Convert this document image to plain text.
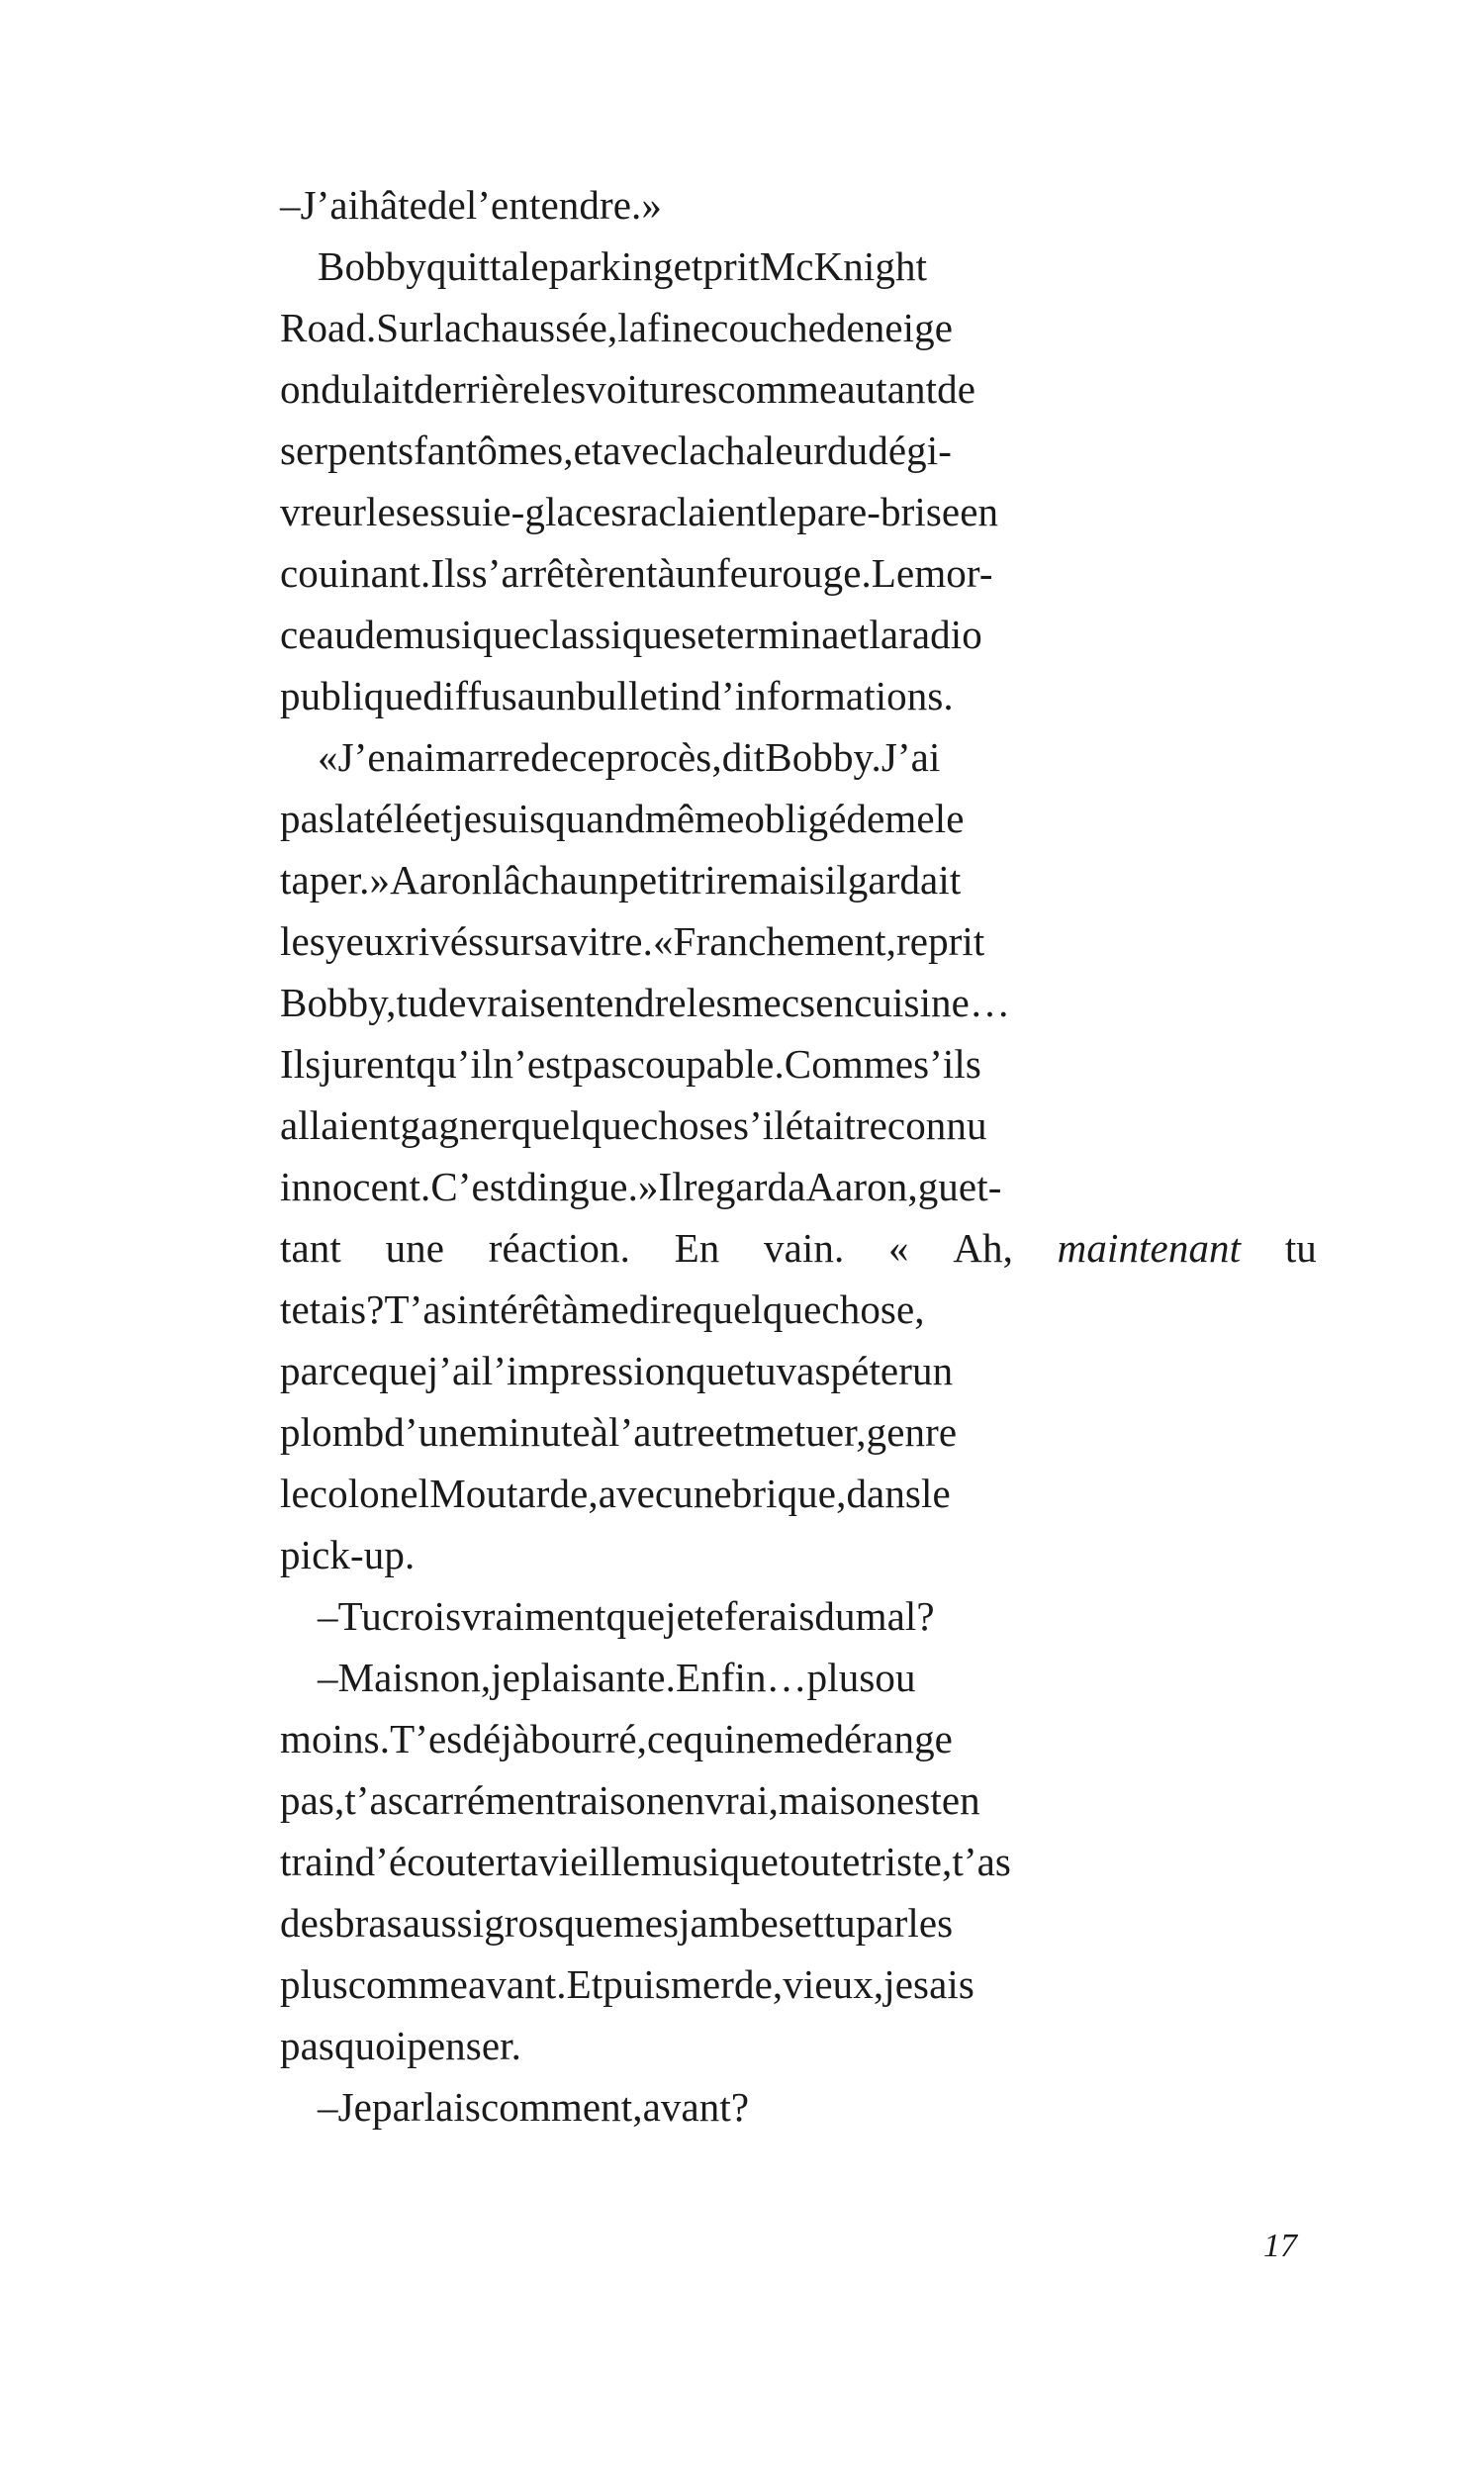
–J’aihâtedel’entendre.»
BobbyquittaleparkingetpritMcKnight
Road.Surlachaussée,lafinecouchedeneige
ondulaitderrièrelesvoiturescommeautantde
serpentsfantômes,etaveclachaleurdudégi-
vreurlesessuie-glacesraclaientlepare-briseen
couinant.Ilss’arrêtèrentàunfeurouge.Lemor-
ceaudemusiqueclassiqueseterminaetlaradio
publiquediffusaunbulletind’informations.
«J’enaimarredeceprocès,ditBobby.J’ai
paslatéléetjesuisquandmêmeobligédemele
taper.»Aaronlâchaunpetitriremaisilgardait
lesyeuxrivéssursavitre.«Franchement,reprit
Bobby,tudevraisentendrelesmecsencuisine…
Ilsjurentqu’iln’estpascoupable.Commes’ils
allaientgagnerquelquechoses’ilétaitreconnu
innocent.C’estdingue.»IlregardaAaron,guet-
tant une réaction. En vain. « Ah, maintenant tu
tetais?T’asintérêtàmedirequelquechose,
parcequej’ail’impressionquetuvaspéterun
plombd’uneminuteàl’autreetmetuer,genre
lecolonelMoutarde,avecunebrique,dansle
pick-up.
–Tucroisvraimentquejeteferaisdumal?
–Maisnon,jeplaisante.Enfin…plusou
moins.T’esdéjàbourré,cequinemedérange
pas,t’ascarrémentraisonenvrai,maisonesten
traind’écoutertavieillemusiquetoutetriste,t’as
desbrasaussigrosquemesjambesettuparles
pluscommeavant.Etpuismerde,vieux,jesais
pasquoipenser.
–Jeparlaiscomment,avant?
17
